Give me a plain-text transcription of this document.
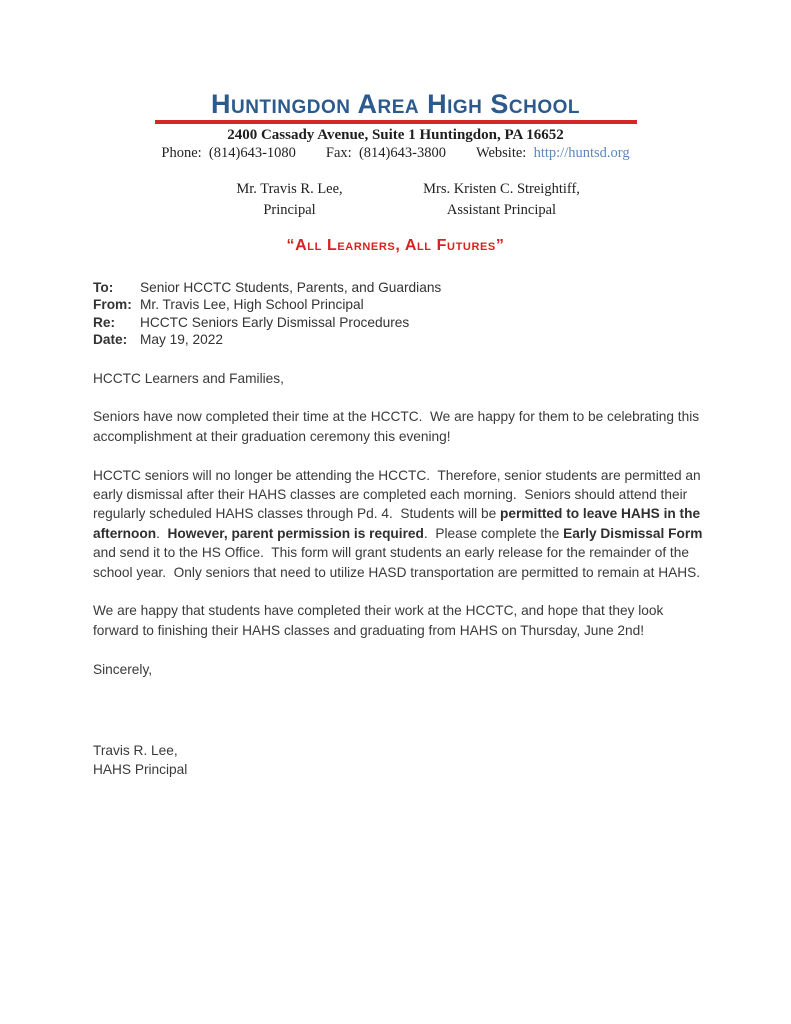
Huntingdon Area High School
2400 Cassady Avenue, Suite 1 Huntingdon, PA 16652
Phone:  (814)643-1080 Fax:  (814)643-3800 Website:  http://huntsd.org
Mr. Travis R. Lee,
Principal
Mrs. Kristen C. Streightiff,
Assistant Principal
“All Learners, All Futures”
To:	Senior HCCTC Students, Parents, and Guardians
From: Mr. Travis Lee, High School Principal
Re:	HCCTC Seniors Early Dismissal Procedures
Date: May 19, 2022

HCCTC Learners and Families,

Seniors have now completed their time at the HCCTC.  We are happy for them to be celebrating this accomplishment at their graduation ceremony this evening!

HCCTC seniors will no longer be attending the HCCTC.  Therefore, senior students are permitted an early dismissal after their HAHS classes are completed each morning.  Seniors should attend their regularly scheduled HAHS classes through Pd. 4.  Students will be permitted to leave HAHS in the afternoon.  However, parent permission is required.  Please complete the Early Dismissal Form and send it to the HS Office.  This form will grant students an early release for the remainder of the school year.  Only seniors that need to utilize HASD transportation are permitted to remain at HAHS.

We are happy that students have completed their work at the HCCTC, and hope that they look forward to finishing their HAHS classes and graduating from HAHS on Thursday, June 2nd!

Sincerely,

Travis R. Lee,

HAHS Principal
